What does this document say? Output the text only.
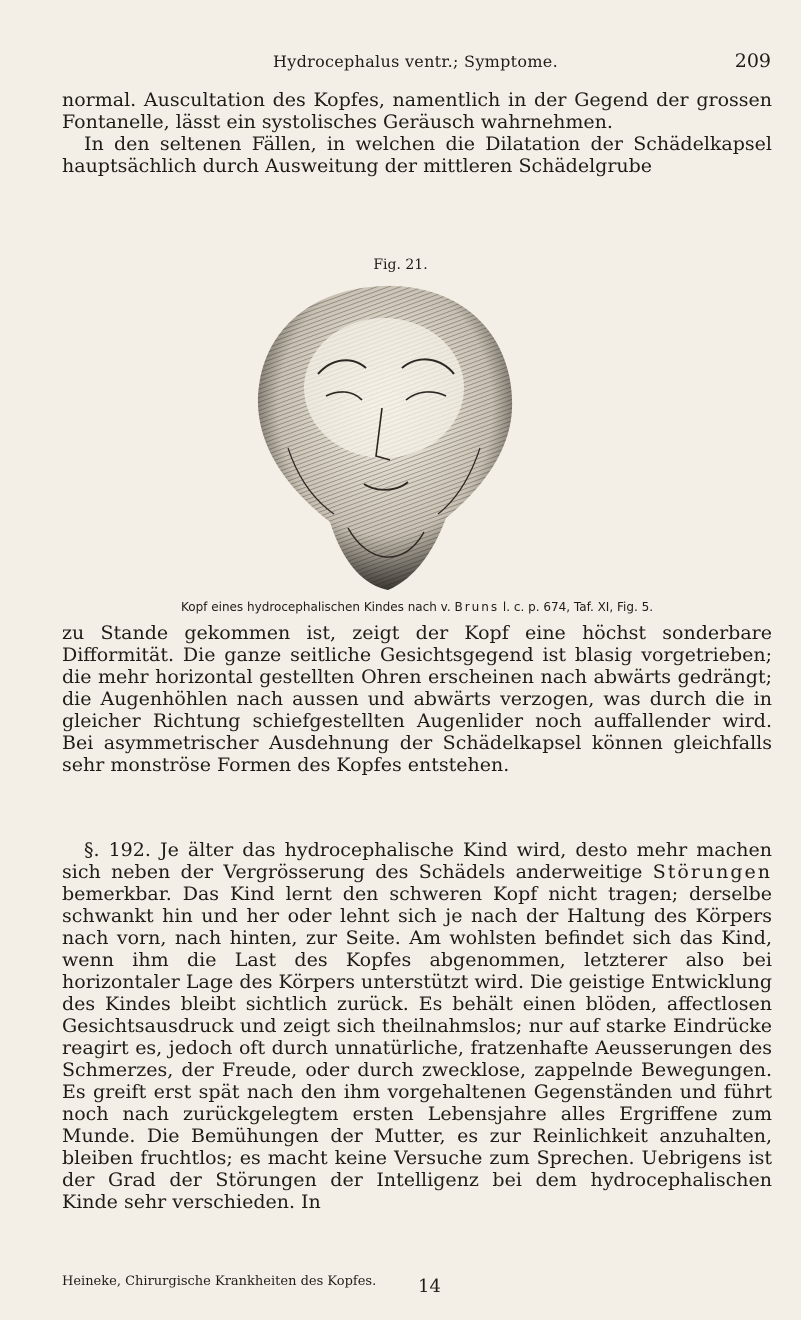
Hydrocephalus ventr.; Symptome.	209

normal. Auscultation des Kopfes, namentlich in der Gegend der grossen Fontanelle, lässt ein systolisches Geräusch wahrnehmen.

In den seltenen Fällen, in welchen die Dilatation der Schädelkapsel hauptsächlich durch Ausweitung der mittleren Schädelgrube

Fig. 21.
Kopf eines hydrocephalischen Kindes nach v. Bruns l. c. p. 674, Taf. XI, Fig. 5.

zu Stande gekommen ist, zeigt der Kopf eine höchst sonderbare Difformität. Die ganze seitliche Gesichtsgegend ist blasig vorgetrieben; die mehr horizontal gestellten Ohren erscheinen nach abwärts gedrängt; die Augenhöhlen nach aussen und abwärts verzogen, was durch die in gleicher Richtung schiefgestellten Augenlider noch auffallender wird. Bei asymmetrischer Ausdehnung der Schädelkapsel können gleichfalls sehr monströse Formen des Kopfes entstehen.

§. 192. Je älter das hydrocephalische Kind wird, desto mehr machen sich neben der Vergrösserung des Schädels anderweitige Störungen bemerkbar. Das Kind lernt den schweren Kopf nicht tragen; derselbe schwankt hin und her oder lehnt sich je nach der Haltung des Körpers nach vorn, nach hinten, zur Seite. Am wohlsten befindet sich das Kind, wenn ihm die Last des Kopfes abgenommen, letzterer also bei horizontaler Lage des Körpers unterstützt wird. Die geistige Entwicklung des Kindes bleibt sichtlich zurück. Es behält einen blöden, affectlosen Gesichtsausdruck und zeigt sich theilnahmslos; nur auf starke Eindrücke reagirt es, jedoch oft durch unnatürliche, fratzenhafte Aeusserungen des Schmerzes, der Freude, oder durch zwecklose, zappelnde Bewegungen. Es greift erst spät nach den ihm vorgehaltenen Gegenständen und führt noch nach zurückgelegtem ersten Lebensjahre alles Ergriffene zum Munde. Die Bemühungen der Mutter, es zur Reinlichkeit anzuhalten, bleiben fruchtlos; es macht keine Versuche zum Sprechen. Uebrigens ist der Grad der Störungen der Intelligenz bei dem hydrocephalischen Kinde sehr verschieden. In

Heineke, Chirurgische Krankheiten des Kopfes. 14
